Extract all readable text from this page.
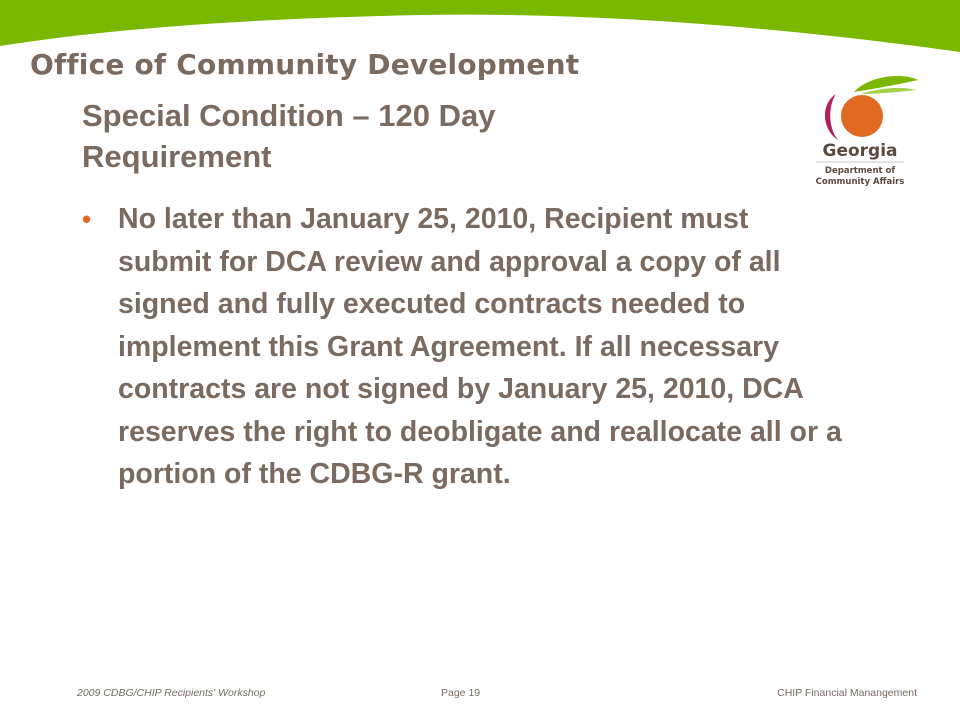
Office of Community Development
Special Condition – 120 Day Requirement	Georgia
Department of
Community Affairs
• No later than January 25, 2010, Recipient must submit for DCA review and approval a copy of all signed and fully executed contracts needed to implement this Grant Agreement. If all necessary contracts are not signed by January 25, 2010, DCA reserves the right to deobligate and reallocate all or a portion of the CDBG-R grant.
2009 CDBG/CHIP Recipients' Workshop	Page 19	CHIP Financial Manangement
